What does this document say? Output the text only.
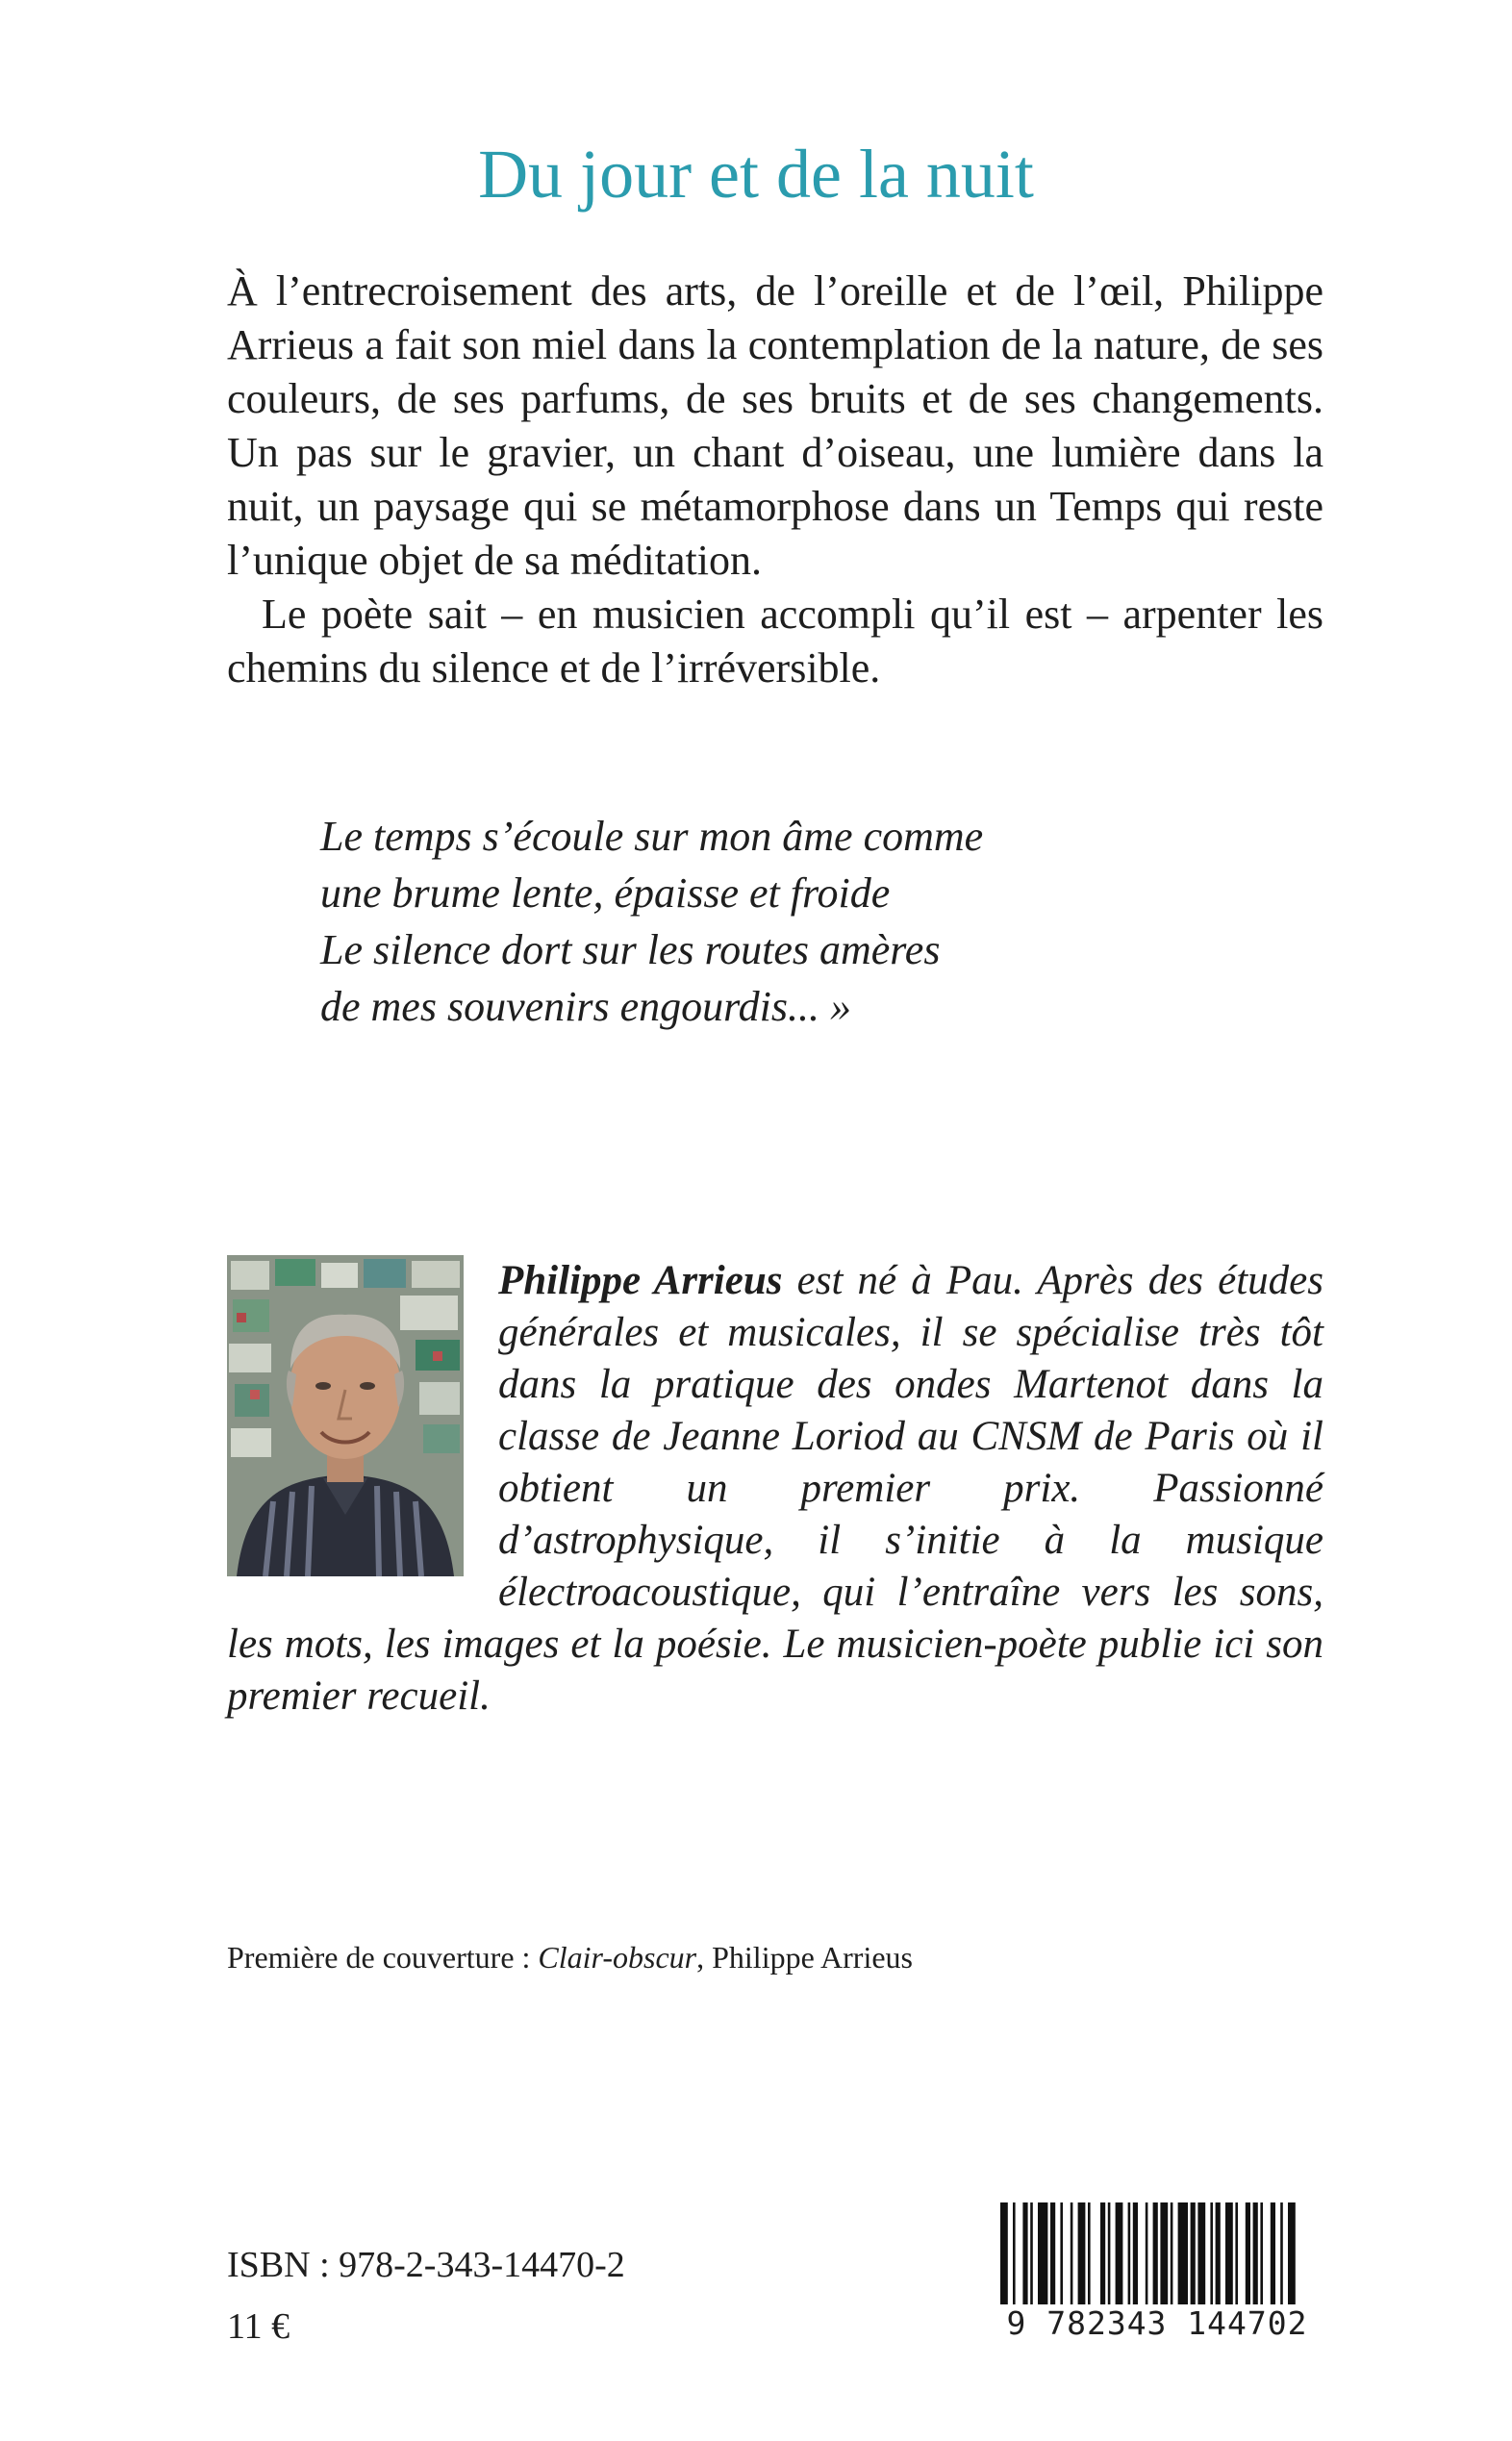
Du jour et de la nuit

À l’entrecroisement des arts, de l’oreille et de l’œil, Philippe Arrieus a fait son miel dans la contemplation de la nature, de ses couleurs, de ses parfums, de ses bruits et de ses changements. Un pas sur le gravier, un chant d’oiseau, une lumière dans la nuit, un paysage qui se métamorphose dans un Temps qui reste l’unique objet de sa méditation.

Le poète sait – en musicien accompli qu’il est – arpenter les chemins du silence et de l’irréversible.

Le temps s’écoule sur mon âme comme
une brume lente, épaisse et froide
Le silence dort sur les routes amères
de mes souvenirs engourdis... »
Philippe Arrieus est né à Pau. Après des études générales et musicales, il se spécialise très tôt dans la pratique des ondes Martenot dans la classe de Jeanne Loriod au CNSM de Paris où il obtient un premier prix. Passionné d’astrophysique, il s’initie à la musique électroacoustique, qui l’entraîne vers les sons, les mots, les images et la poésie. Le musicien-poète publie ici son premier recueil.

Première de couverture : Clair-obscur, Philippe Arrieus

ISBN : 978-2-343-14470-2

11 €	9 782343 144702
